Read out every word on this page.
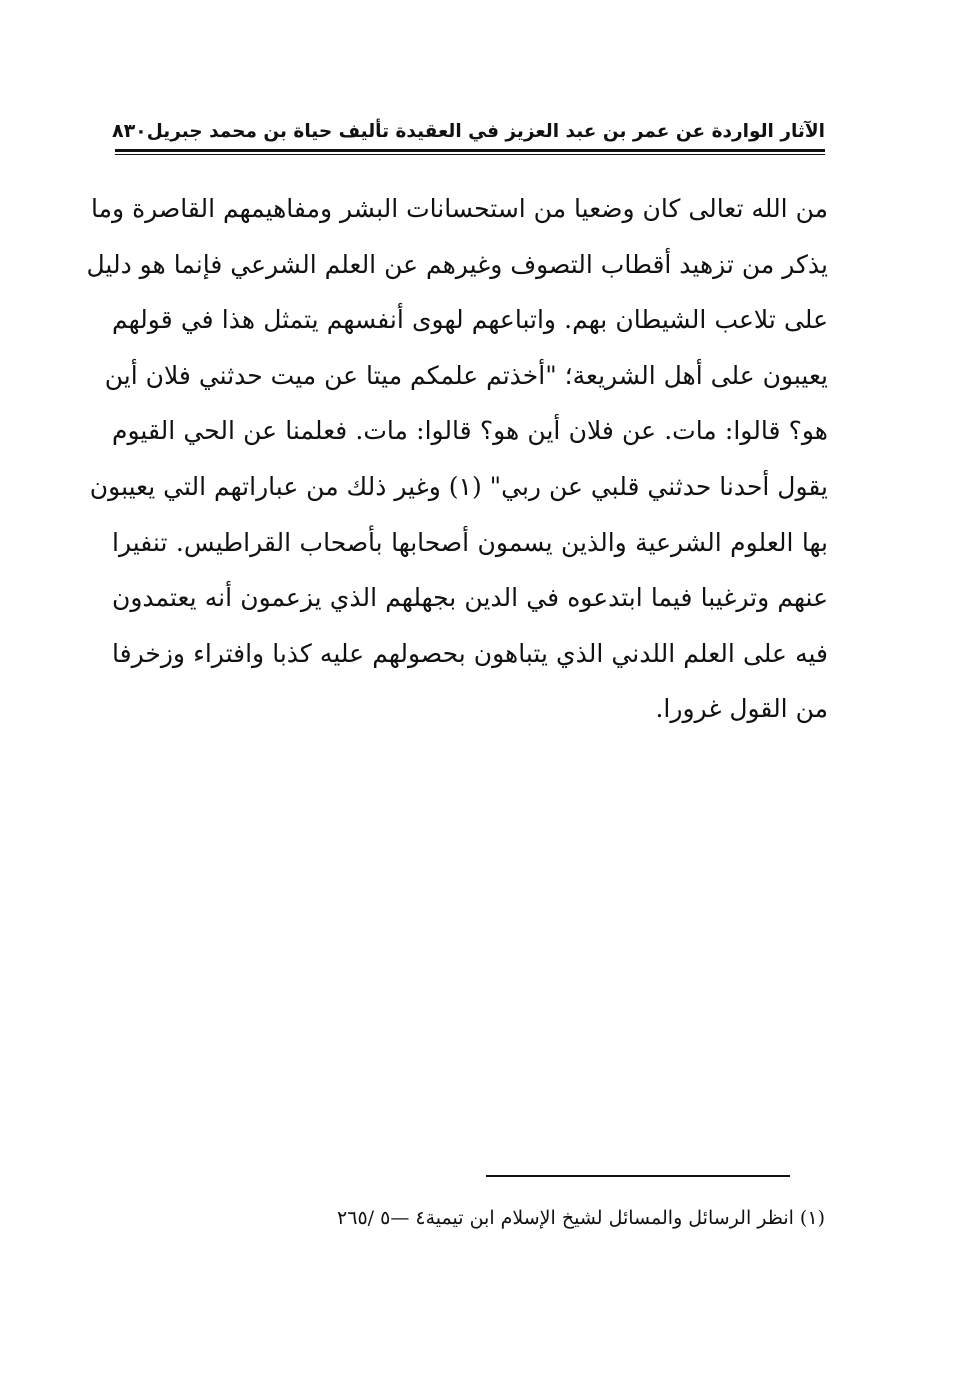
الآثار الواردة عن عمر بن عبد العزيز في العقيدة تأليف حياة بن محمد جبريل
٨٣٠
من الله تعالى كان وضعيا من استحسانات البشر ومفاهيمهم القاصرة وما
يذكر من تزهيد أقطاب التصوف وغيرهم عن العلم الشرعي فإنما هو دليل
على تلاعب الشيطان بهم. واتباعهم لهوى أنفسهم يتمثل هذا في قولهم
يعيبون على أهل الشريعة؛ "أخذتم علمكم ميتا عن ميت حدثني فلان أين
هو؟ قالوا: مات. عن فلان أين هو؟ قالوا: مات. فعلمنا عن الحي القيوم
يقول أحدنا حدثني قلبي عن ربي" (١) وغير ذلك من عباراتهم التي يعيبون
بها العلوم الشرعية والذين يسمون أصحابها بأصحاب القراطيس. تنفيرا
عنهم وترغيبا فيما ابتدعوه في الدين بجهلهم الذي يزعمون أنه يعتمدون
فيه على العلم اللدني الذي يتباهون بحصولهم عليه كذبا وافتراء وزخرفا
من القول غرورا.
(١) انظر الرسائل والمسائل لشيخ الإسلام ابن تيمية٤ —٥ /٢٦٥
